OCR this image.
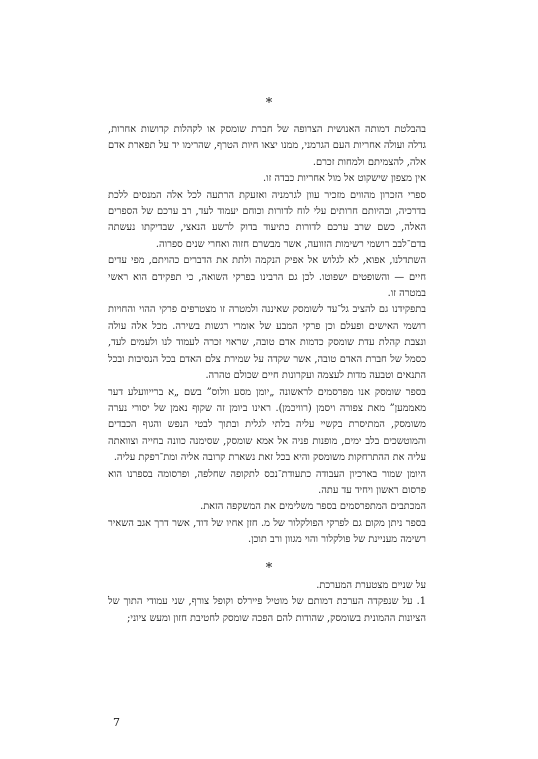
*

בהבלטת דמותה האנושית הצרופה של חברת שומסק או לקהלות קדושות אחרות, גדלה ועולה אחריות העם הגרמני, ממנו יצאו חיות הטרף, שהרימו יד על תפארת אדם אלה, להצמיתם ולמחות זכרם.

אין מצפון שישקוט אל מול אחריות כבדה זו.

ספרי הזכרון מהווים מזכיר עוון לגרמניה ואזעקת הרתעה לכל אלה המנסים ללכת בדרכיה, ובהיותם חרותים עלי לוח לדורות וכוחם יעמוד לעד, רב ערכם של הספרים האלה, כשם שרב ערכם לדורות כתיעוד בדוק לרשע הנאצי, שבדיקתו נעשתה בדם־לבב רושמי רשימות הזוועה, אשר מבשרם חזוה ואחרי שנים ספרוה.

השתדלנו, אפוא, לא לגלוש אל אפיק הנקמה ולתת את הדברים כהויתם, מפי עדים חיים — והשופטים ישפוטו. לכן גם הרבינו בפרקי השואה, כי תפקידם הוא ראשי במטרה זו.

בתפקידנו גם להציב גל־עד לשומסק שאיננה ולמטרה זו מצטרפים פרקי ההוי והחויות רושמי האישים ופעלם וכן פרקי המבע של אומרי רגשות בשירה. מכל אלה עולה ונצבת קהלת עדת שומסק כדמות אדם טובה, שראוי זכרה לעמוד לנו ולעמים לעד, כסמל של חברת האדם טובה, אשר שקדה על שמירת צלם האדם בכל הנסיבות ובכל התנאים וטבעה מדות לעצמה ועקרונות חיים שכולם טהרה.

בספר שומסק אנו מפרסמים לראשונה „יומן מסע וולוס” בשם „א ברייוועלע דער מאממען” מאת צפורה ויסמן (רוויכמן). ראינו ביומן זה שקוף נאמן של יסורי נערה משומסק, המתיסרת בקשיי עליה בלתי לגלית ובתוך לבטי הנפש והגוף הכבדים והמוטשכים בלב ימים, מופנות פניה אל אמא שומסק, שסימנה כוונה בחייה וצוואתה עליה את ההתרחקות משומסק והיא בכל זאת נשארת קרובה אליה ומת־רפקת עליה.

היומן שמור בארכיון העבודה כתעודת־נכס לתקופה שחלפה, ופרסומה בספרנו הוא פרסום ראשון ויחיד עד עתה.

המכתבים המתפרסמים בספר משלימים את המשקפה הזאת.

בספר ניתן מקום גם לפרקי הפולקלור של מ. חזן אחיו של דוד, אשר דרך אגב השאיר רשימה מעניינת של פולקלור והוי מגוון ורב תוכן.

*

על שניים מצטערת המערכת.

1. על שנפקדה הערכת דמותם של מוטיל פיירלס וקופל צורף, שני עמודי התוך של הציונות ההמונית בשומסק, שהודות להם הפכה שומסק לחטיבת חזון ומעש ציוני;

7
